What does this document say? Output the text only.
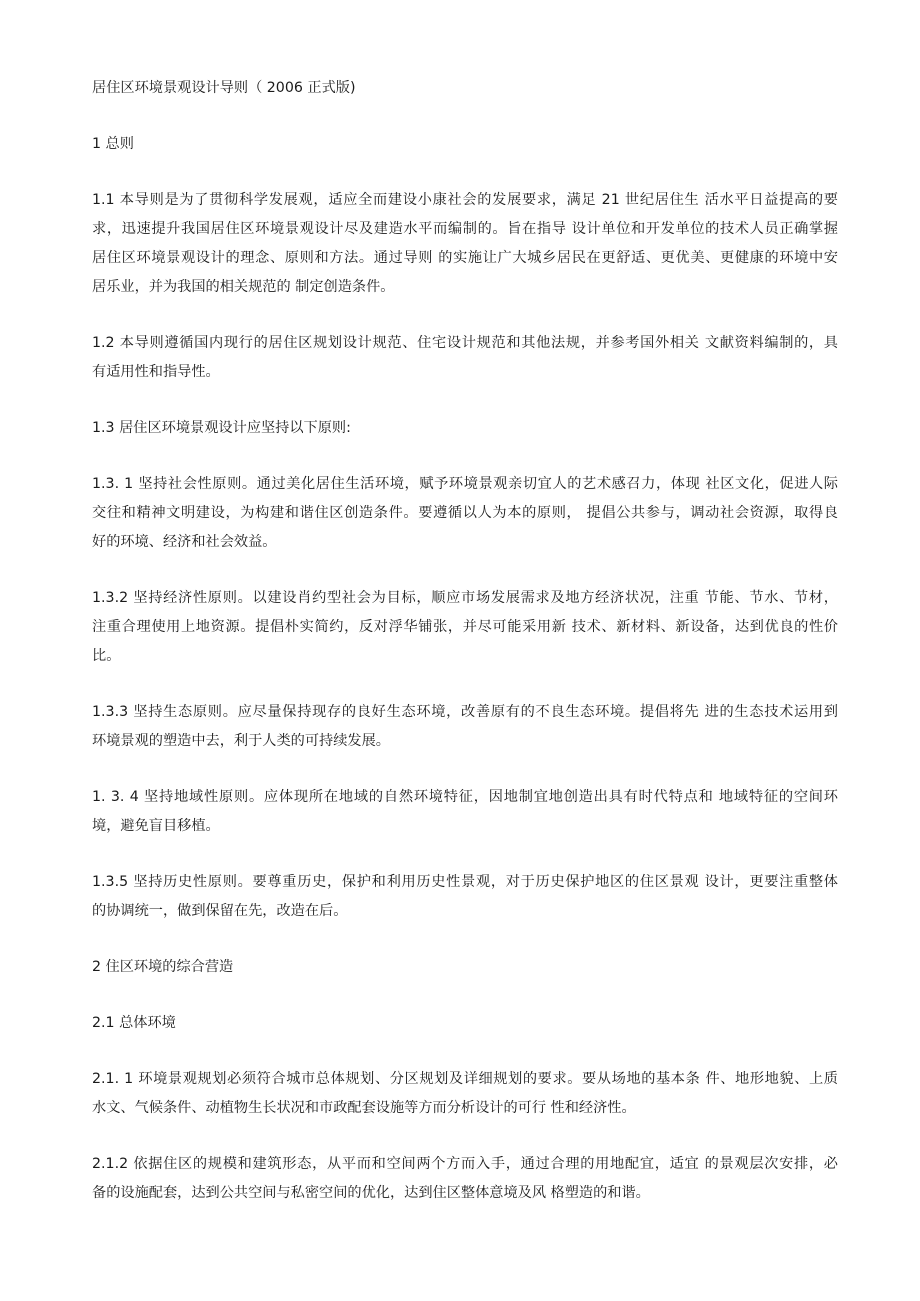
居住区环境景观设计导则（ 2006 正式版)
1 总则
1.1 本导则是为了贯彻科学发展观，适应全而建设小康社会的发展要求，满足 21 世纪居住生 活水平日益提高的要
求，迅速提升我国居住区环境景观设计尽及建造水平而编制的。旨在指导 设计单位和开发单位的技术人员正确掌握
居住区环境景观设计的理念、原则和方法。通过导则 的实施让广大城乡居民在更舒适、更优美、更健康的环境中安
居乐业，并为我国的相关规范的 制定创造条件。
1.2 本导则遵循国内现行的居住区规划设计规范、住宅设计规范和其他法规，并参考国外相关 文献资料编制的，具
有适用性和指导性。
1.3 居住区环境景观设计应坚持以下原则:
1.3. 1 坚持社会性原则。通过美化居住生活环境，赋予环境景观亲切宜人的艺术感召力，体现 社区文化，促进人际
交往和精神文明建设，为构建和谐住区创造条件。要遵循以人为本的原则， 提倡公共参与，调动社会资源，取得良
好的环境、经济和社会效益。
1.3.2 坚持经济性原则。以建设肖约型社会为目标，顺应市场发展需求及地方经济状况，注重 节能、节水、节材，
注重合理使用上地资源。提倡朴实简约，反对浮华铺张，并尽可能采用新 技术、新材料、新设备，达到优良的性价
比。
1.3.3 坚持生态原则。应尽量保持现存的良好生态环境，改善原有的不良生态环境。提倡将先 进的生态技术运用到
环境景观的塑造中去，利于人类的可持续发展。
1. 3. 4 坚持地域性原则。应体现所在地域的自然环境特征，因地制宜地创造出具有时代特点和 地域特征的空间环
境，避免盲目移植。
1.3.5 坚持历史性原则。要尊重历史，保护和利用历史性景观，对于历史保护地区的住区景观 设计，更要注重整体
的协调统一，做到保留在先，改造在后。
2 住区环境的综合营造
2.1 总体环境
2.1. 1 环境景观规划必须符合城市总体规划、分区规划及详细规划的要求。要从场地的基本条 件、地形地貌、上质
水文、气候条件、动植物生长状况和市政配套设施等方而分析设计的可行 性和经济性。
2.1.2 依据住区的规模和建筑形态，从平而和空间两个方而入手，通过合理的用地配宜，适宜 的景观层次安排，必
备的设施配套，达到公共空间与私密空间的优化，达到住区整体意境及风 格塑造的和谐。
